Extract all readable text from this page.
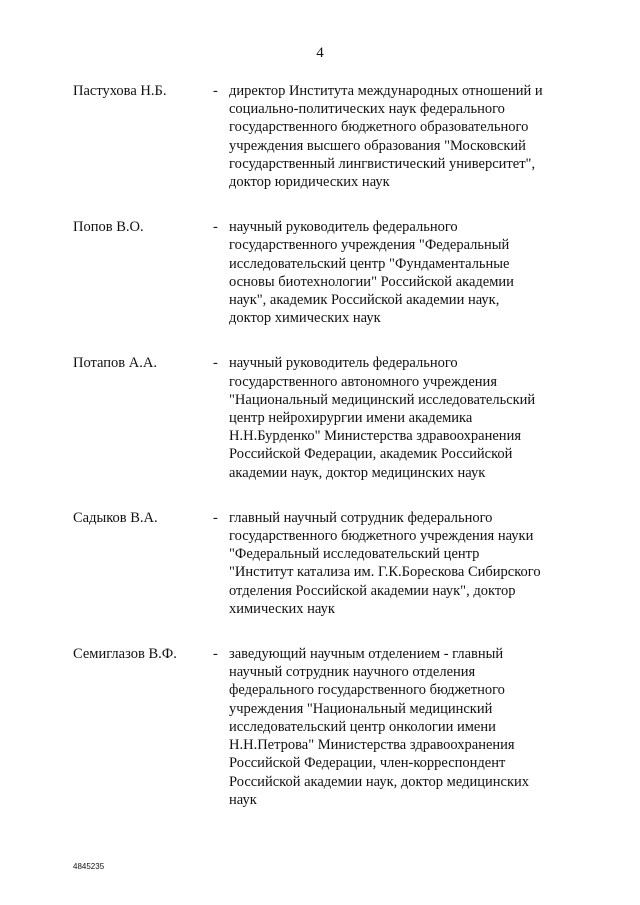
4
Пастухова Н.Б.	- директор Института международных отношений и
социально-политических наук федерального
государственного бюджетного образовательного
учреждения высшего образования "Московский
государственный лингвистический университет",
доктор юридических наук
Попов В.О.	- научный руководитель федерального
государственного учреждения "Федеральный
исследовательский центр "Фундаментальные
основы биотехнологии" Российской академии
наук", академик Российской академии наук,
доктор химических наук
Потапов А.А.	- научный руководитель федерального
государственного автономного учреждения
"Национальный медицинский исследовательский
центр нейрохирургии имени академика
Н.Н.Бурденко" Министерства здравоохранения
Российской Федерации, академик Российской
академии наук, доктор медицинских наук
Садыков В.А.	- главный научный сотрудник федерального
государственного бюджетного учреждения науки
"Федеральный исследовательский центр
"Институт катализа им. Г.К.Борескова Сибирского
отделения Российской академии наук", доктор
химических наук
Семиглазов В.Ф.	- заведующий научным отделением - главный
научный сотрудник научного отделения
федерального государственного бюджетного
учреждения "Национальный медицинский
исследовательский центр онкологии имени
Н.Н.Петрова" Министерства здравоохранения
Российской Федерации, член-корреспондент
Российской академии наук, доктор медицинских
наук
4845235
